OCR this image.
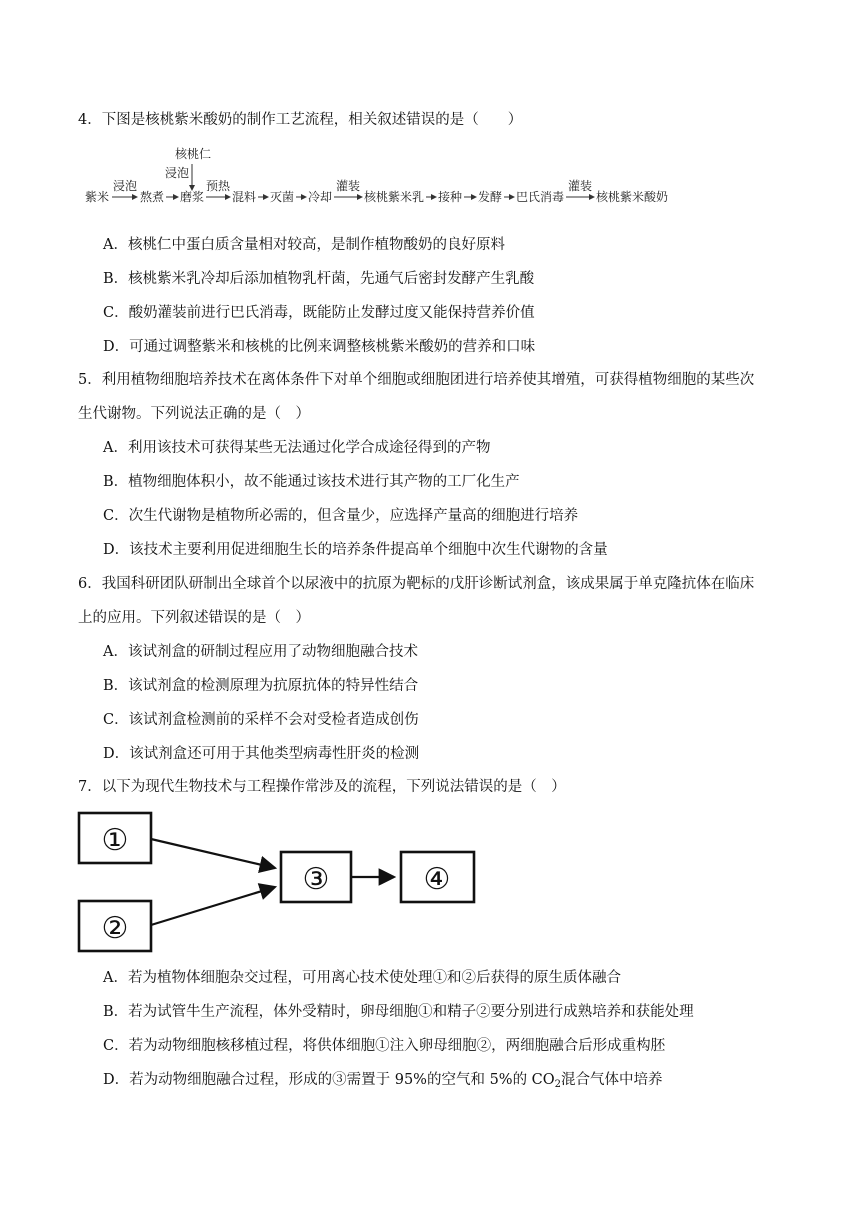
4．下图是核桃紫米酸奶的制作工艺流程，相关叙述错误的是（　　）
核桃仁
浸泡
紫米
浸泡
熬煮 磨浆
预热
混料 灭菌 冷却
灌装
核桃紫米乳 接种 发酵 巴氏消毒
灌装
核桃紫米酸奶
A．核桃仁中蛋白质含量相对较高，是制作植物酸奶的良好原料
B．核桃紫米乳冷却后添加植物乳杆菌，先通气后密封发酵产生乳酸
C．酸奶灌装前进行巴氏消毒，既能防止发酵过度又能保持营养价值
D．可通过调整紫米和核桃的比例来调整核桃紫米酸奶的营养和口味
5．利用植物细胞培养技术在离体条件下对单个细胞或细胞团进行培养使其增殖，可获得植物细胞的某些次
生代谢物。下列说法正确的是（　）
A．利用该技术可获得某些无法通过化学合成途径得到的产物
B．植物细胞体积小，故不能通过该技术进行其产物的工厂化生产
C．次生代谢物是植物所必需的，但含量少，应选择产量高的细胞进行培养
D．该技术主要利用促进细胞生长的培养条件提高单个细胞中次生代谢物的含量
6．我国科研团队研制出全球首个以尿液中的抗原为靶标的戊肝诊断试剂盒，该成果属于单克隆抗体在临床
上的应用。下列叙述错误的是（　）
A．该试剂盒的研制过程应用了动物细胞融合技术
B．该试剂盒的检测原理为抗原抗体的特异性结合
C．该试剂盒检测前的采样不会对受检者造成创伤
D．该试剂盒还可用于其他类型病毒性肝炎的检测
7．以下为现代生物技术与工程操作常涉及的流程，下列说法错误的是（　）
①
②
③	④
A．若为植物体细胞杂交过程，可用离心技术使处理①和②后获得的原生质体融合
B．若为试管牛生产流程，体外受精时，卵母细胞①和精子②要分别进行成熟培养和获能处理
C．若为动物细胞核移植过程，将供体细胞①注入卵母细胞②，两细胞融合后形成重构胚
D．若为动物细胞融合过程，形成的③需置于 95%的空气和 5%的 $CO_2$混合气体中培养
